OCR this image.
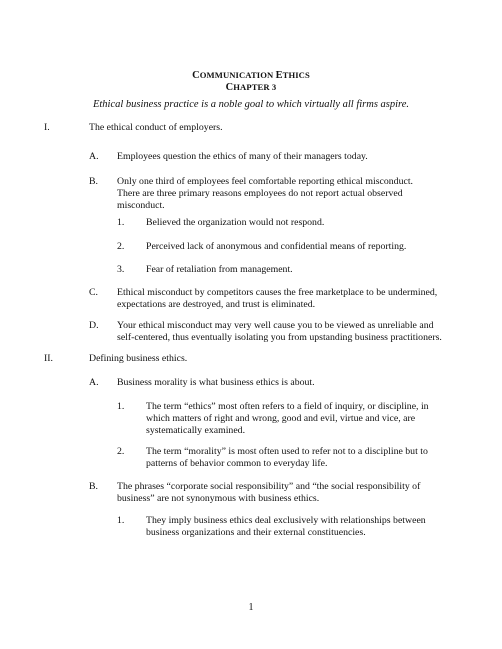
COMMUNICATION ETHICS
CHAPTER 3
Ethical business practice is a noble goal to which virtually all firms aspire.
I.	The ethical conduct of employers.
A. Employees question the ethics of many of their managers today.
B. Only one third of employees feel comfortable reporting ethical misconduct.
There are three primary reasons employees do not report actual observed
misconduct.
1. Believed the organization would not respond.
2. Perceived lack of anonymous and confidential means of reporting.
3. Fear of retaliation from management.
C. Ethical misconduct by competitors causes the free marketplace to be undermined,
expectations are destroyed, and trust is eliminated.
D. Your ethical misconduct may very well cause you to be viewed as unreliable and
self-centered, thus eventually isolating you from upstanding business practitioners.
II.	Defining business ethics.
A. Business morality is what business ethics is about.
1. The term “ethics” most often refers to a field of inquiry, or discipline, in
which matters of right and wrong, good and evil, virtue and vice, are
systematically examined.
2. The term “morality” is most often used to refer not to a discipline but to
patterns of behavior common to everyday life.
B. The phrases “corporate social responsibility” and “the social responsibility of
business” are not synonymous with business ethics.
1. They imply business ethics deal exclusively with relationships between
business organizations and their external constituencies.
1
